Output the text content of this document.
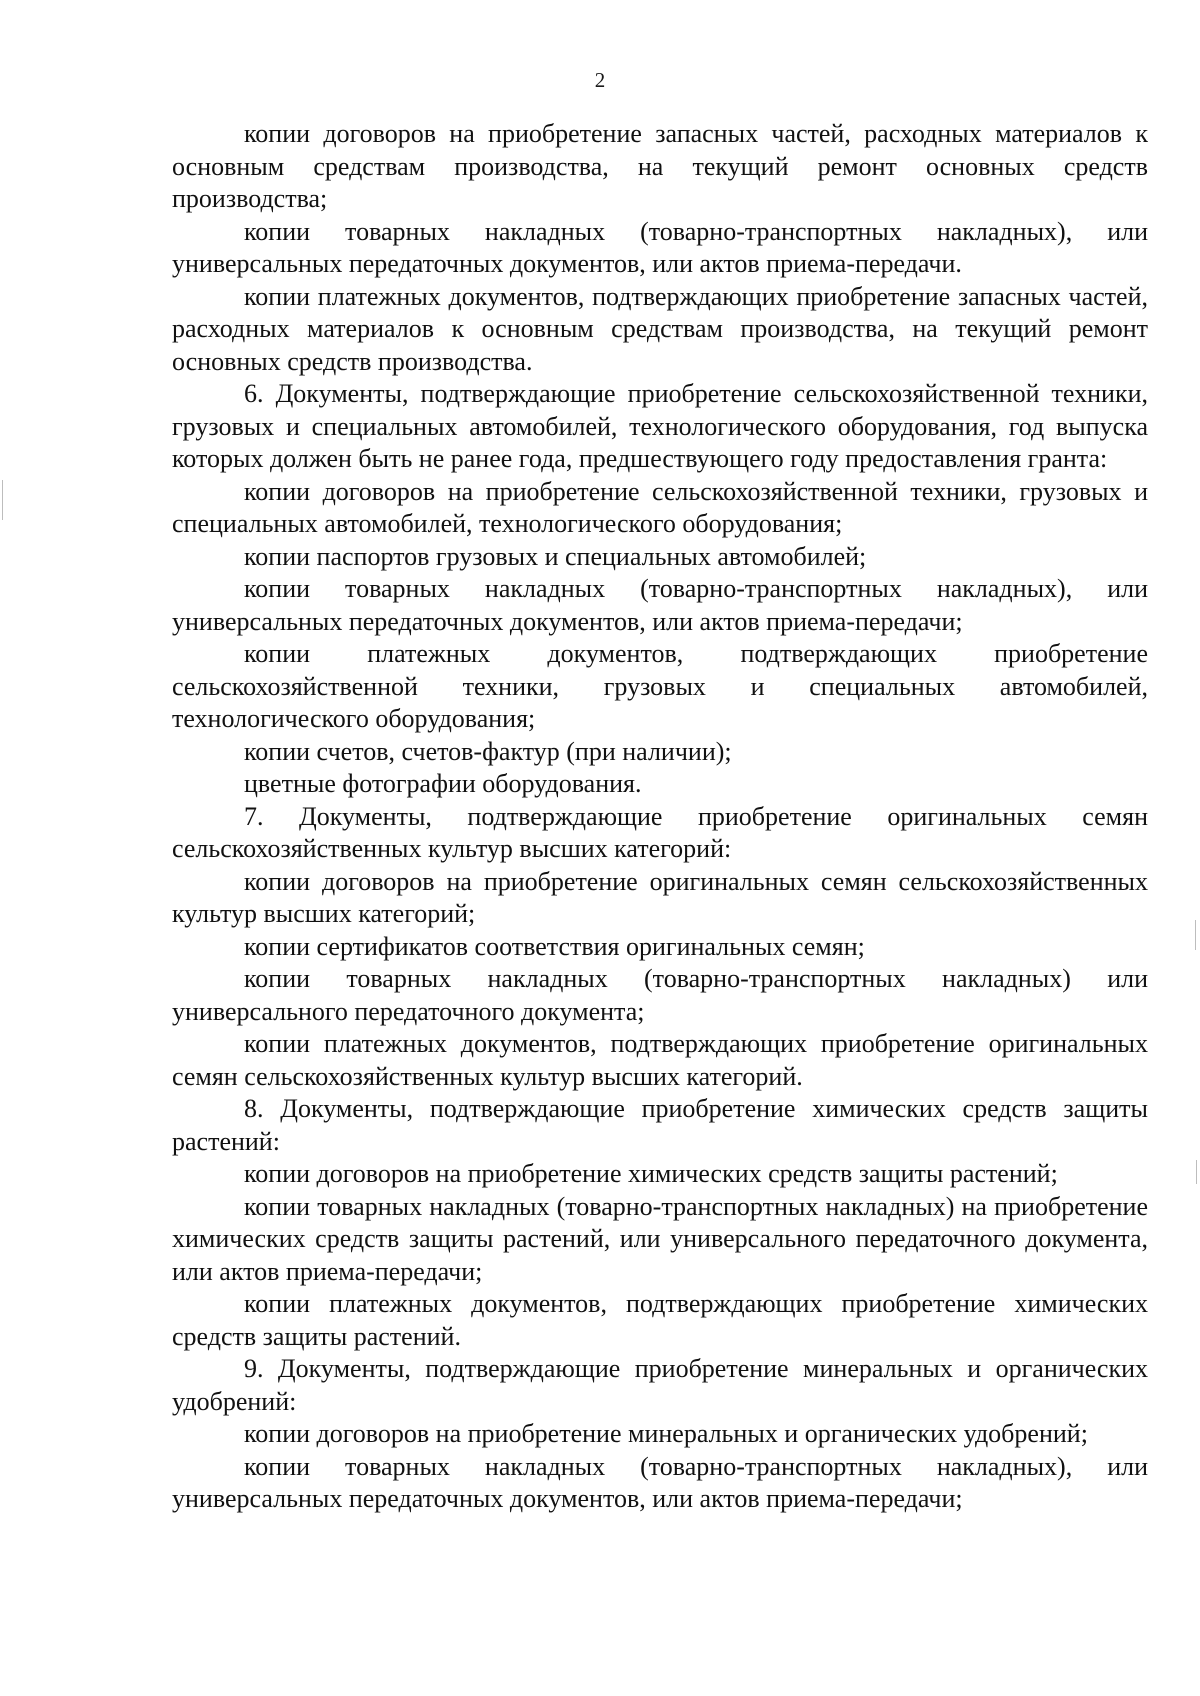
2

копии договоров на приобретение запасных частей, расходных материалов к основным средствам производства, на текущий ремонт основных средств производства;

копии товарных накладных (товарно-транспортных накладных), или универсальных передаточных документов, или актов приема-передачи.

копии платежных документов, подтверждающих приобретение запасных частей, расходных материалов к основным средствам производства, на текущий ремонт основных средств производства.

6. Документы, подтверждающие приобретение сельскохозяйственной техники, грузовых и специальных автомобилей, технологического оборудования, год выпуска которых должен быть не ранее года, предшествующего году предоставления гранта:

копии договоров на приобретение сельскохозяйственной техники, грузовых и специальных автомобилей, технологического оборудования;

копии паспортов грузовых и специальных автомобилей;

копии товарных накладных (товарно-транспортных накладных), или универсальных передаточных документов, или актов приема-передачи;

копии платежных документов, подтверждающих приобретение сельскохозяйственной техники, грузовых и специальных автомобилей, технологического оборудования;

копии счетов, счетов-фактур (при наличии);

цветные фотографии оборудования.

7. Документы, подтверждающие приобретение оригинальных семян сельскохозяйственных культур высших категорий:

копии договоров на приобретение оригинальных семян сельскохозяйственных культур высших категорий;

копии сертификатов соответствия оригинальных семян;

копии товарных накладных (товарно-транспортных накладных) или универсального передаточного документа;

копии платежных документов, подтверждающих приобретение оригинальных семян сельскохозяйственных культур высших категорий.

8. Документы, подтверждающие приобретение химических средств защиты растений:

копии договоров на приобретение химических средств защиты растений;

копии товарных накладных (товарно-транспортных накладных) на приобретение химических средств защиты растений, или универсального передаточного документа, или актов приема-передачи;

копии платежных документов, подтверждающих приобретение химических средств защиты растений.

9. Документы, подтверждающие приобретение минеральных и органических удобрений:

копии договоров на приобретение минеральных и органических удобрений;

копии товарных накладных (товарно-транспортных накладных), или универсальных передаточных документов, или актов приема-передачи;
